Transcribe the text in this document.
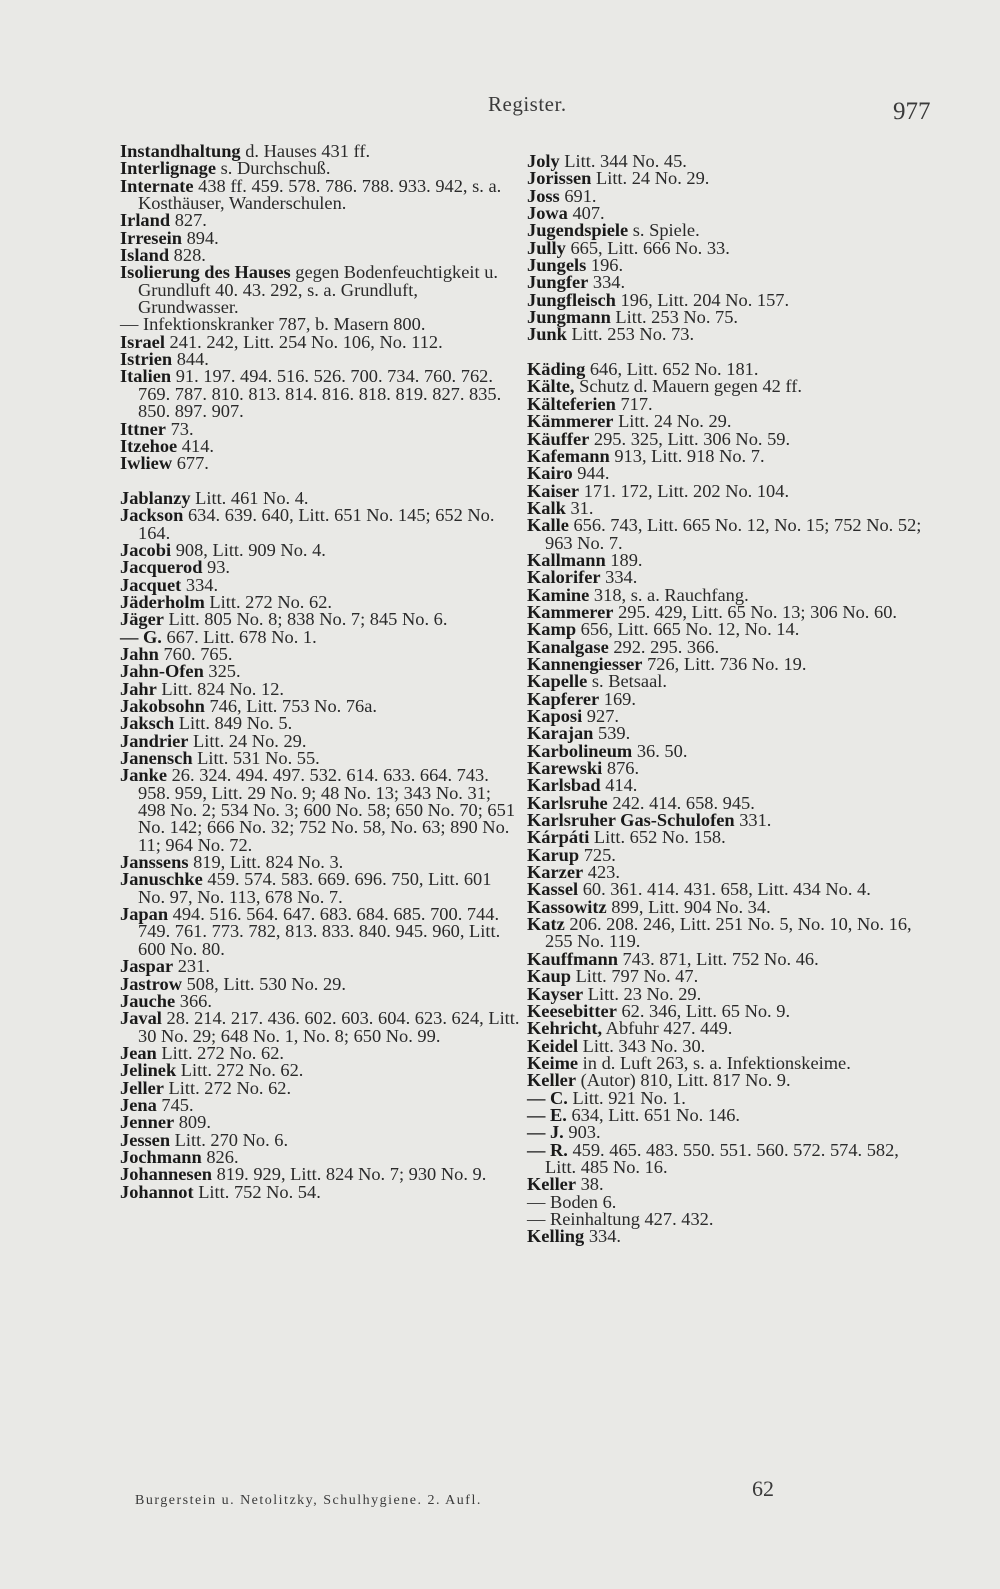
Register.	977
Instandhaltung d. Hauses 431 ff.
Interlignage s. Durchschuß.
Internate 438 ff. 459. 578. 786. 788. 933. 942, s. a. Kosthäuser, Wanderschulen.
Irland 827.
Irresein 894.
Island 828.
Isolierung des Hauses gegen Bodenfeuchtigkeit u. Grundluft 40. 43. 292, s. a. Grundluft, Grundwasser.
— Infektionskranker 787, b. Masern 800.
Israel 241. 242, Litt. 254 No. 106, No. 112.
Istrien 844.
Italien 91. 197. 494. 516. 526. 700. 734. 760. 762. 769. 787. 810. 813. 814. 816. 818. 819. 827. 835. 850. 897. 907.
Ittner 73.
Itzehoe 414.
Iwliew 677.
Jablanzy Litt. 461 No. 4.
Jackson 634. 639. 640, Litt. 651 No. 145; 652 No. 164.
Jacobi 908, Litt. 909 No. 4.
Jacquerod 93.
Jacquet 334.
Jäderholm Litt. 272 No. 62.
Jäger Litt. 805 No. 8; 838 No. 7; 845 No. 6.
— G. 667. Litt. 678 No. 1.
Jahn 760. 765.
Jahn-Ofen 325.
Jahr Litt. 824 No. 12.
Jakobsohn 746, Litt. 753 No. 76a.
Jaksch Litt. 849 No. 5.
Jandrier Litt. 24 No. 29.
Janensch Litt. 531 No. 55.
Janke 26. 324. 494. 497. 532. 614. 633. 664. 743. 958. 959, Litt. 29 No. 9; 48 No. 13; 343 No. 31; 498 No. 2; 534 No. 3; 600 No. 58; 650 No. 70; 651 No. 142; 666 No. 32; 752 No. 58, No. 63; 890 No. 11; 964 No. 72.
Janssens 819, Litt. 824 No. 3.
Januschke 459. 574. 583. 669. 696. 750, Litt. 601 No. 97, No. 113, 678 No. 7.
Japan 494. 516. 564. 647. 683. 684. 685. 700. 744. 749. 761. 773. 782, 813. 833. 840. 945. 960, Litt. 600 No. 80.
Jaspar 231.
Jastrow 508, Litt. 530 No. 29.
Jauche 366.
Javal 28. 214. 217. 436. 602. 603. 604. 623. 624, Litt. 30 No. 29; 648 No. 1, No. 8; 650 No. 99.
Jean Litt. 272 No. 62.
Jelinek Litt. 272 No. 62.
Jeller Litt. 272 No. 62.
Jena 745.
Jenner 809.
Jessen Litt. 270 No. 6.
Jochmann 826.
Johannesen 819. 929, Litt. 824 No. 7; 930 No. 9.
Johannot Litt. 752 No. 54.
Joly Litt. 344 No. 45.
Jorissen Litt. 24 No. 29.
Joss 691.
Jowa 407.
Jugendspiele s. Spiele.
Jully 665, Litt. 666 No. 33.
Jungels 196.
Jungfer 334.
Jungfleisch 196, Litt. 204 No. 157.
Jungmann Litt. 253 No. 75.
Junk Litt. 253 No. 73.
Käding 646, Litt. 652 No. 181.
Kälte, Schutz d. Mauern gegen 42 ff.
Kälteferien 717.
Kämmerer Litt. 24 No. 29.
Käuffer 295. 325, Litt. 306 No. 59.
Kafemann 913, Litt. 918 No. 7.
Kairo 944.
Kaiser 171. 172, Litt. 202 No. 104.
Kalk 31.
Kalle 656. 743, Litt. 665 No. 12, No. 15; 752 No. 52; 963 No. 7.
Kallmann 189.
Kalorifer 334.
Kamine 318, s. a. Rauchfang.
Kammerer 295. 429, Litt. 65 No. 13; 306 No. 60.
Kamp 656, Litt. 665 No. 12, No. 14.
Kanalgase 292. 295. 366.
Kannengiesser 726, Litt. 736 No. 19.
Kapelle s. Betsaal.
Kapferer 169.
Kaposi 927.
Karajan 539.
Karbolineum 36. 50.
Karewski 876.
Karlsbad 414.
Karlsruhe 242. 414. 658. 945.
Karlsruher Gas-Schulofen 331.
Kárpáti Litt. 652 No. 158.
Karup 725.
Karzer 423.
Kassel 60. 361. 414. 431. 658, Litt. 434 No. 4.
Kassowitz 899, Litt. 904 No. 34.
Katz 206. 208. 246, Litt. 251 No. 5, No. 10, No. 16, 255 No. 119.
Kauffmann 743. 871, Litt. 752 No. 46.
Kaup Litt. 797 No. 47.
Kayser Litt. 23 No. 29.
Keesebitter 62. 346, Litt. 65 No. 9.
Kehricht, Abfuhr 427. 449.
Keidel Litt. 343 No. 30.
Keime in d. Luft 263, s. a. Infektionskeime.
Keller (Autor) 810, Litt. 817 No. 9.
— C. Litt. 921 No. 1.
— E. 634, Litt. 651 No. 146.
— J. 903.
— R. 459. 465. 483. 550. 551. 560. 572. 574. 582, Litt. 485 No. 16.
Keller 38.
— Boden 6.
— Reinhaltung 427. 432.
Kelling 334.
Burgerstein u. Netolitzky, Schulhygiene. 2. Aufl.	62
